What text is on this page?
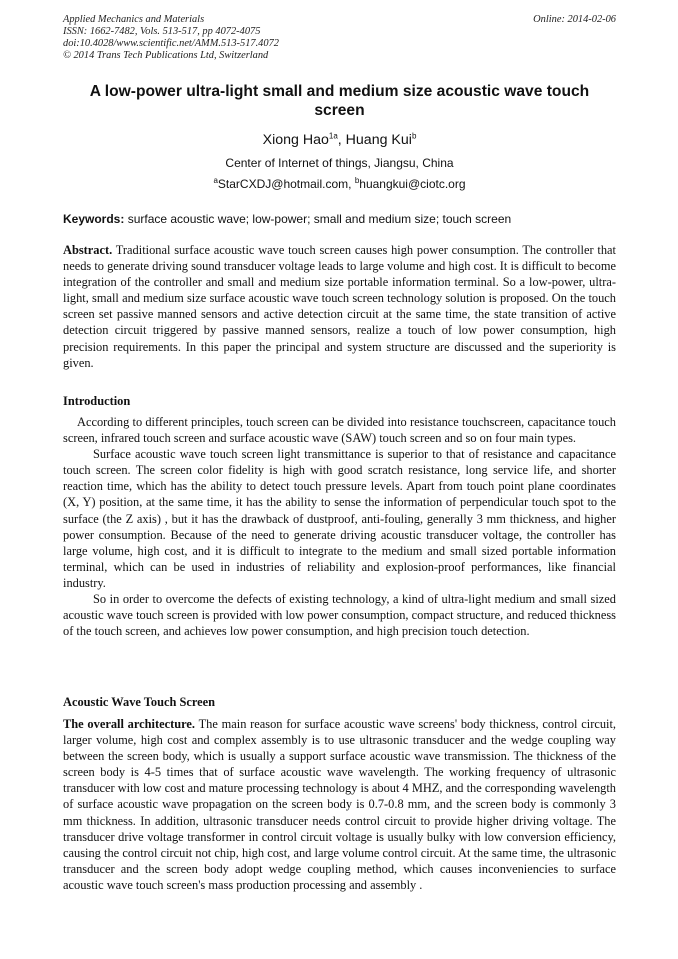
Applied Mechanics and Materials
ISSN: 1662-7482, Vols. 513-517, pp 4072-4075
doi:10.4028/www.scientific.net/AMM.513-517.4072
© 2014 Trans Tech Publications Ltd, Switzerland
Online: 2014-02-06
A low-power ultra-light small and medium size acoustic wave touch screen
Xiong Hao$^{1a}$, Huang Kui$^b$
Center of Internet of things, Jiangsu, China
$^a$StarCXDJ@hotmail.com, $^b$huangkui@ciotc.org
Keywords: surface acoustic wave; low-power; small and medium size; touch screen
Abstract. Traditional surface acoustic wave touch screen causes high power consumption. The controller that needs to generate driving sound transducer voltage leads to large volume and high cost. It is difficult to become integration of the controller and small and medium size portable information terminal. So a low-power, ultra-light, small and medium size surface acoustic wave touch screen technology solution is proposed. On the touch screen set passive manned sensors and active detection circuit at the same time, the state transition of active detection circuit triggered by passive manned sensors, realize a touch of low power consumption, high precision requirements. In this paper the principal and system structure are discussed and the superiority is given.
Introduction

According to different principles, touch screen can be divided into resistance touchscreen, capacitance touch screen, infrared touch screen and surface acoustic wave (SAW) touch screen and so on four main types.

Surface acoustic wave touch screen light transmittance is superior to that of resistance and capacitance touch screen. The screen color fidelity is high with good scratch resistance, long service life, and shorter reaction time, which has the ability to detect touch pressure levels. Apart from touch point plane coordinates (X, Y) position, at the same time, it has the ability to sense the information of perpendicular touch spot to the surface (the Z axis) , but it has the drawback of dustproof, anti-fouling, generally 3 mm thickness, and higher power consumption. Because of the need to generate driving acoustic transducer voltage, the controller has large volume, high cost, and it is difficult to integrate to the medium and small sized portable information terminal, which can be used in industries of reliability and explosion-proof performances, like financial industry.

So in order to overcome the defects of existing technology, a kind of ultra-light medium and small sized acoustic wave touch screen is provided with low power consumption, compact structure, and reduced thickness of the touch screen, and achieves low power consumption, and high precision touch detection.

Acoustic Wave Touch Screen
The overall architecture. The main reason for surface acoustic wave screens' body thickness, control circuit, larger volume, high cost and complex assembly is to use ultrasonic transducer and the wedge coupling way between the screen body, which is usually a support surface acoustic wave transmission. The thickness of the screen body is 4-5 times that of surface acoustic wave wavelength. The working frequency of ultrasonic transducer with low cost and mature processing technology is about 4 MHZ, and the corresponding wavelength of surface acoustic wave propagation on the screen body is 0.7-0.8 mm, and the screen body is commonly 3 mm thickness. In addition, ultrasonic transducer needs control circuit to provide higher driving voltage. The transducer drive voltage transformer in control circuit voltage is usually bulky with low conversion efficiency, causing the control circuit not chip, high cost, and large volume control circuit. At the same time, the ultrasonic transducer and the screen body adopt wedge coupling method, which causes inconveniencies to surface acoustic wave touch screen's mass production processing and assembly .
